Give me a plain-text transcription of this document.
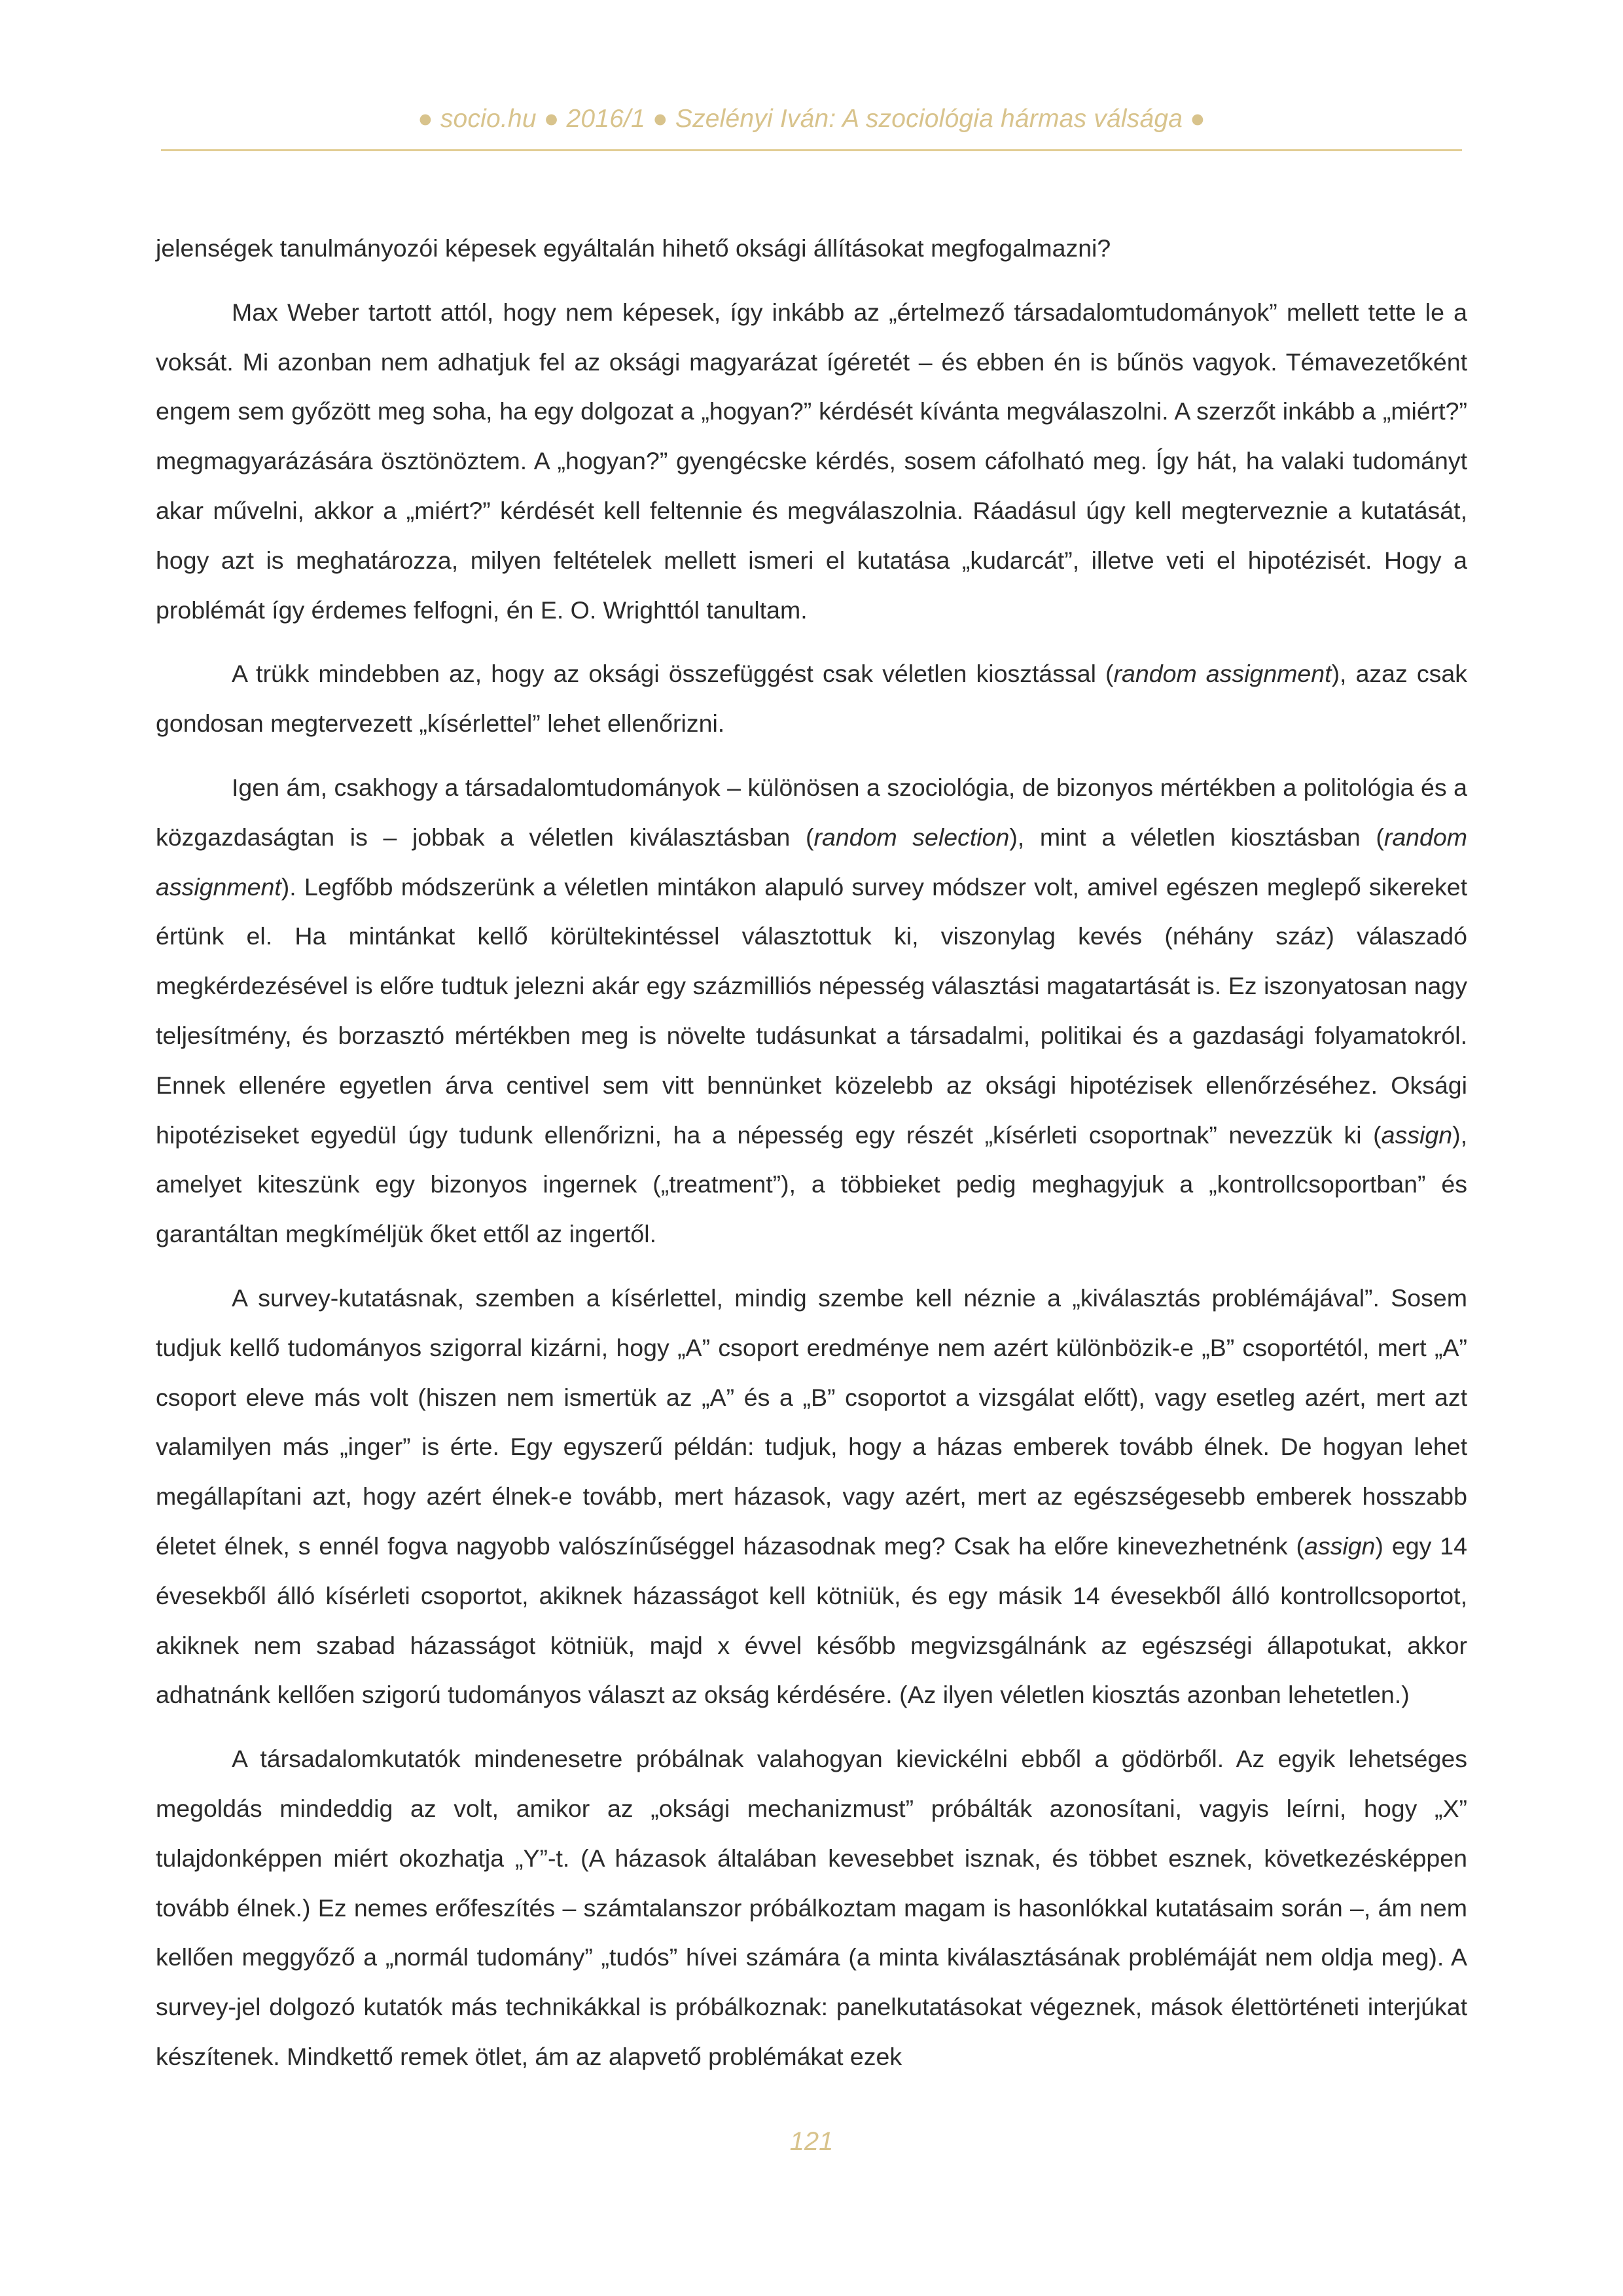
● socio.hu ● 2016/1 ● Szelényi Iván: A szociológia hármas válsága ●

jelenségek tanulmányozói képesek egyáltalán hihető oksági állításokat megfogalmazni?

Max Weber tartott attól, hogy nem képesek, így inkább az „értelmező társadalomtudományok” mellett tette le a voksát. Mi azonban nem adhatjuk fel az oksági magyarázat ígéretét – és ebben én is bűnös vagyok. Témavezetőként engem sem győzött meg soha, ha egy dolgozat a „hogyan?” kérdését kívánta megválaszolni. A szerzőt inkább a „miért?” megmagyarázására ösztönöztem. A „hogyan?” gyengécske kérdés, sosem cáfolható meg. Így hát, ha valaki tudományt akar művelni, akkor a „miért?” kérdését kell feltennie és megválaszolnia. Ráadásul úgy kell megterveznie a kutatását, hogy azt is meghatározza, milyen feltételek mellett ismeri el kutatása „kudarcát”, illetve veti el hipotézisét. Hogy a problémát így érdemes felfogni, én E. O. Wrighttól tanultam.

A trükk mindebben az, hogy az oksági összefüggést csak véletlen kiosztással (random assignment), azaz csak gondosan megtervezett „kísérlettel” lehet ellenőrizni.

Igen ám, csakhogy a társadalomtudományok – különösen a szociológia, de bizonyos mértékben a politológia és a közgazdaságtan is – jobbak a véletlen kiválasztásban (random selection), mint a véletlen kiosztásban (random assignment). Legfőbb módszerünk a véletlen mintákon alapuló survey módszer volt, amivel egészen meglepő sikereket értünk el. Ha mintánkat kellő körültekintéssel választottuk ki, viszonylag kevés (néhány száz) válaszadó megkérdezésével is előre tudtuk jelezni akár egy százmilliós népesség választási magatartását is. Ez iszonyatosan nagy teljesítmény, és borzasztó mértékben meg is növelte tudásunkat a társadalmi, politikai és a gazdasági folyamatokról. Ennek ellenére egyetlen árva centivel sem vitt bennünket közelebb az oksági hipotézisek ellenőrzéséhez. Oksági hipotéziseket egyedül úgy tudunk ellenőrizni, ha a népesség egy részét „kísérleti csoportnak” nevezzük ki (assign), amelyet kiteszünk egy bizonyos ingernek („treatment”), a többieket pedig meghagyjuk a „kontrollcsoportban” és garantáltan megkíméljük őket ettől az ingertől.

A survey-kutatásnak, szemben a kísérlettel, mindig szembe kell néznie a „kiválasztás problémájával”. Sosem tudjuk kellő tudományos szigorral kizárni, hogy „A” csoport eredménye nem azért különbözik-e „B” csoportétól, mert „A” csoport eleve más volt (hiszen nem ismertük az „A” és a „B” csoportot a vizsgálat előtt), vagy esetleg azért, mert azt valamilyen más „inger” is érte. Egy egyszerű példán: tudjuk, hogy a házas emberek tovább élnek. De hogyan lehet megállapítani azt, hogy azért élnek-e tovább, mert házasok, vagy azért, mert az egészségesebb emberek hosszabb életet élnek, s ennél fogva nagyobb valószínűséggel házasodnak meg? Csak ha előre kinevezhetnénk (assign) egy 14 évesekből álló kísérleti csoportot, akiknek házasságot kell kötniük, és egy másik 14 évesekből álló kontrollcsoportot, akiknek nem szabad házasságot kötniük, majd x évvel később megvizsgálnánk az egészségi állapotukat, akkor adhatnánk kellően szigorú tudományos választ az okság kérdésére. (Az ilyen véletlen kiosztás azonban lehetetlen.)

A társadalomkutatók mindenesetre próbálnak valahogyan kievickélni ebből a gödörből. Az egyik lehetséges megoldás mindeddig az volt, amikor az „oksági mechanizmust” próbálták azonosítani, vagyis leírni, hogy „X” tulajdonképpen miért okozhatja „Y”-t. (A házasok általában kevesebbet isznak, és többet esznek, következésképpen tovább élnek.) Ez nemes erőfeszítés – számtalanszor próbálkoztam magam is hasonlókkal kutatásaim során –, ám nem kellően meggyőző a „normál tudomány” „tudós” hívei számára (a minta kiválasztásának problémáját nem oldja meg). A survey-jel dolgozó kutatók más technikákkal is próbálkoznak: panelkutatásokat végeznek, mások élettörténeti interjúkat készítenek. Mindkettő remek ötlet, ám az alapvető problémákat ezek

121
